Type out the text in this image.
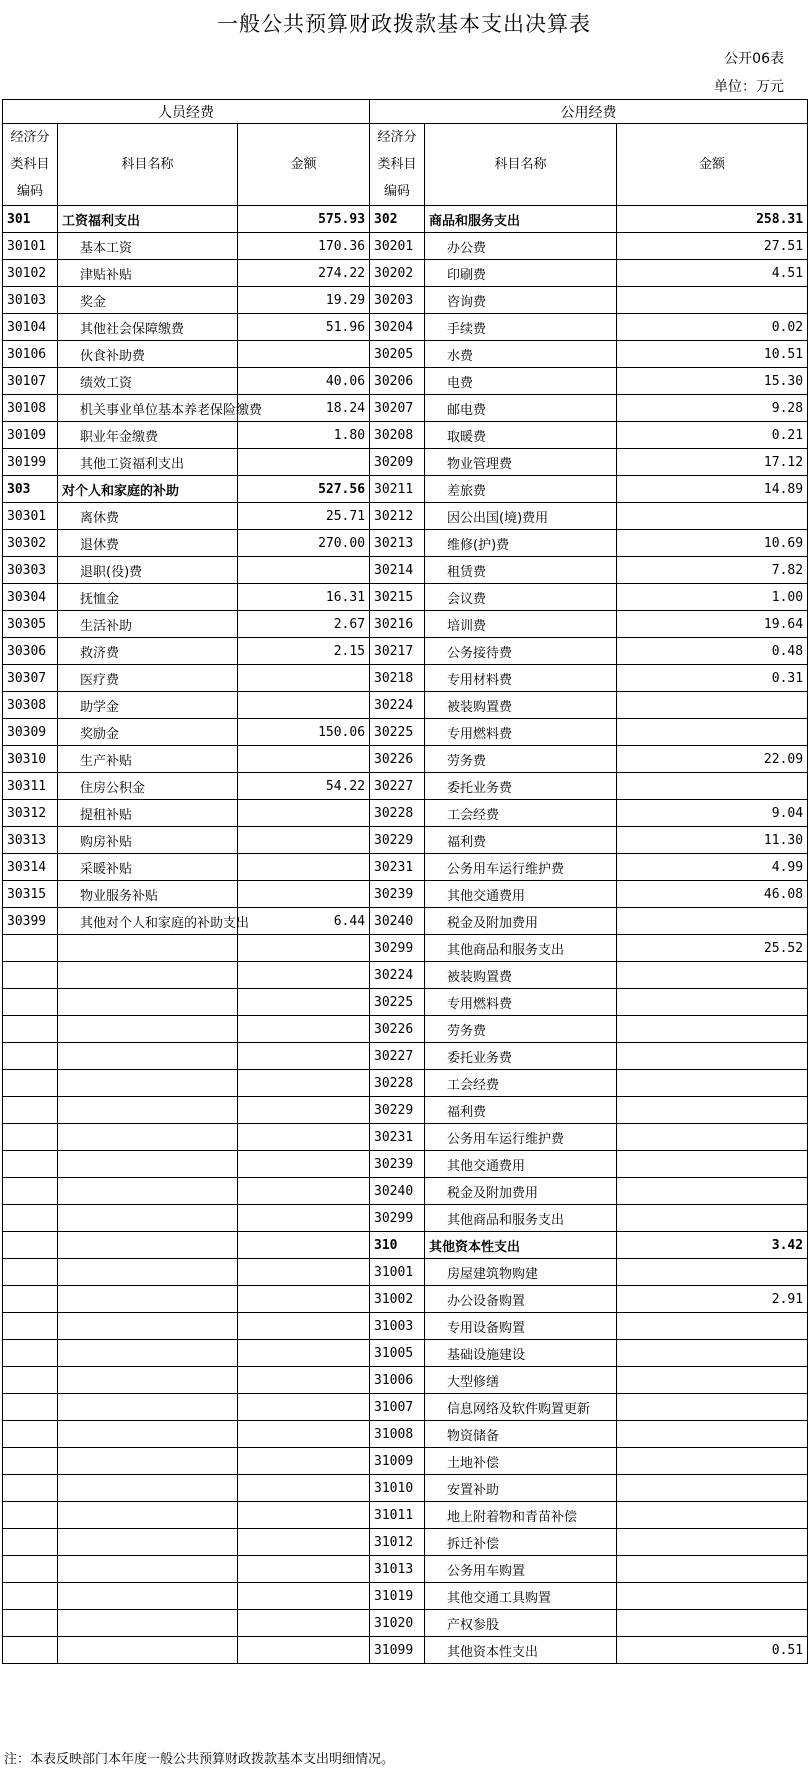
一般公共预算财政拨款基本支出决算表
公开06表
单位：万元
人员经费			公用经费		
经济分类科目编码	科目名称	金额	经济分类科目编码	科目名称	金额
301	工资福利支出	575.93	302	商品和服务支出	258.31
30101	基本工资	170.36	30201	办公费	27.51
30102	津贴补贴	274.22	30202	印刷费	4.51
30103	奖金	19.29	30203	咨询费	
30104	其他社会保障缴费	51.96	30204	手续费	0.02
30106	伙食补助费		30205	水费	10.51
30107	绩效工资	40.06	30206	电费	15.30
30108	机关事业单位基本养老保险缴费	18.24	30207	邮电费	9.28
30109	职业年金缴费	1.80	30208	取暖费	0.21
30199	其他工资福利支出		30209	物业管理费	17.12
303	对个人和家庭的补助	527.56	30211	差旅费	14.89
30301	离休费	25.71	30212	因公出国(境)费用	
30302	退休费	270.00	30213	维修(护)费	10.69
30303	退职(役)费		30214	租赁费	7.82
30304	抚恤金	16.31	30215	会议费	1.00
30305	生活补助	2.67	30216	培训费	19.64
30306	救济费	2.15	30217	公务接待费	0.48
30307	医疗费		30218	专用材料费	0.31
30308	助学金		30224	被装购置费	
30309	奖励金	150.06	30225	专用燃料费	
30310	生产补贴		30226	劳务费	22.09
30311	住房公积金	54.22	30227	委托业务费	
30312	提租补贴		30228	工会经费	9.04
30313	购房补贴		30229	福利费	11.30
30314	采暖补贴		30231	公务用车运行维护费	4.99
30315	物业服务补贴		30239	其他交通费用	46.08
30399	其他对个人和家庭的补助支出	6.44	30240	税金及附加费用	
			30299	其他商品和服务支出	25.52
			30224	被装购置费	
			30225	专用燃料费	
			30226	劳务费	
			30227	委托业务费	
			30228	工会经费	
			30229	福利费	
			30231	公务用车运行维护费	
			30239	其他交通费用	
			30240	税金及附加费用	
			30299	其他商品和服务支出	
			310	其他资本性支出	3.42
			31001	房屋建筑物购建	
			31002	办公设备购置	2.91
			31003	专用设备购置	
			31005	基础设施建设	
			31006	大型修缮	
			31007	信息网络及软件购置更新	
			31008	物资储备	
			31009	土地补偿	
			31010	安置补助	
			31011	地上附着物和青苗补偿	
			31012	拆迁补偿	
			31013	公务用车购置	
			31019	其他交通工具购置	
			31020	产权参股	
			31099	其他资本性支出	0.51
注：本表反映部门本年度一般公共预算财政拨款基本支出明细情况。
